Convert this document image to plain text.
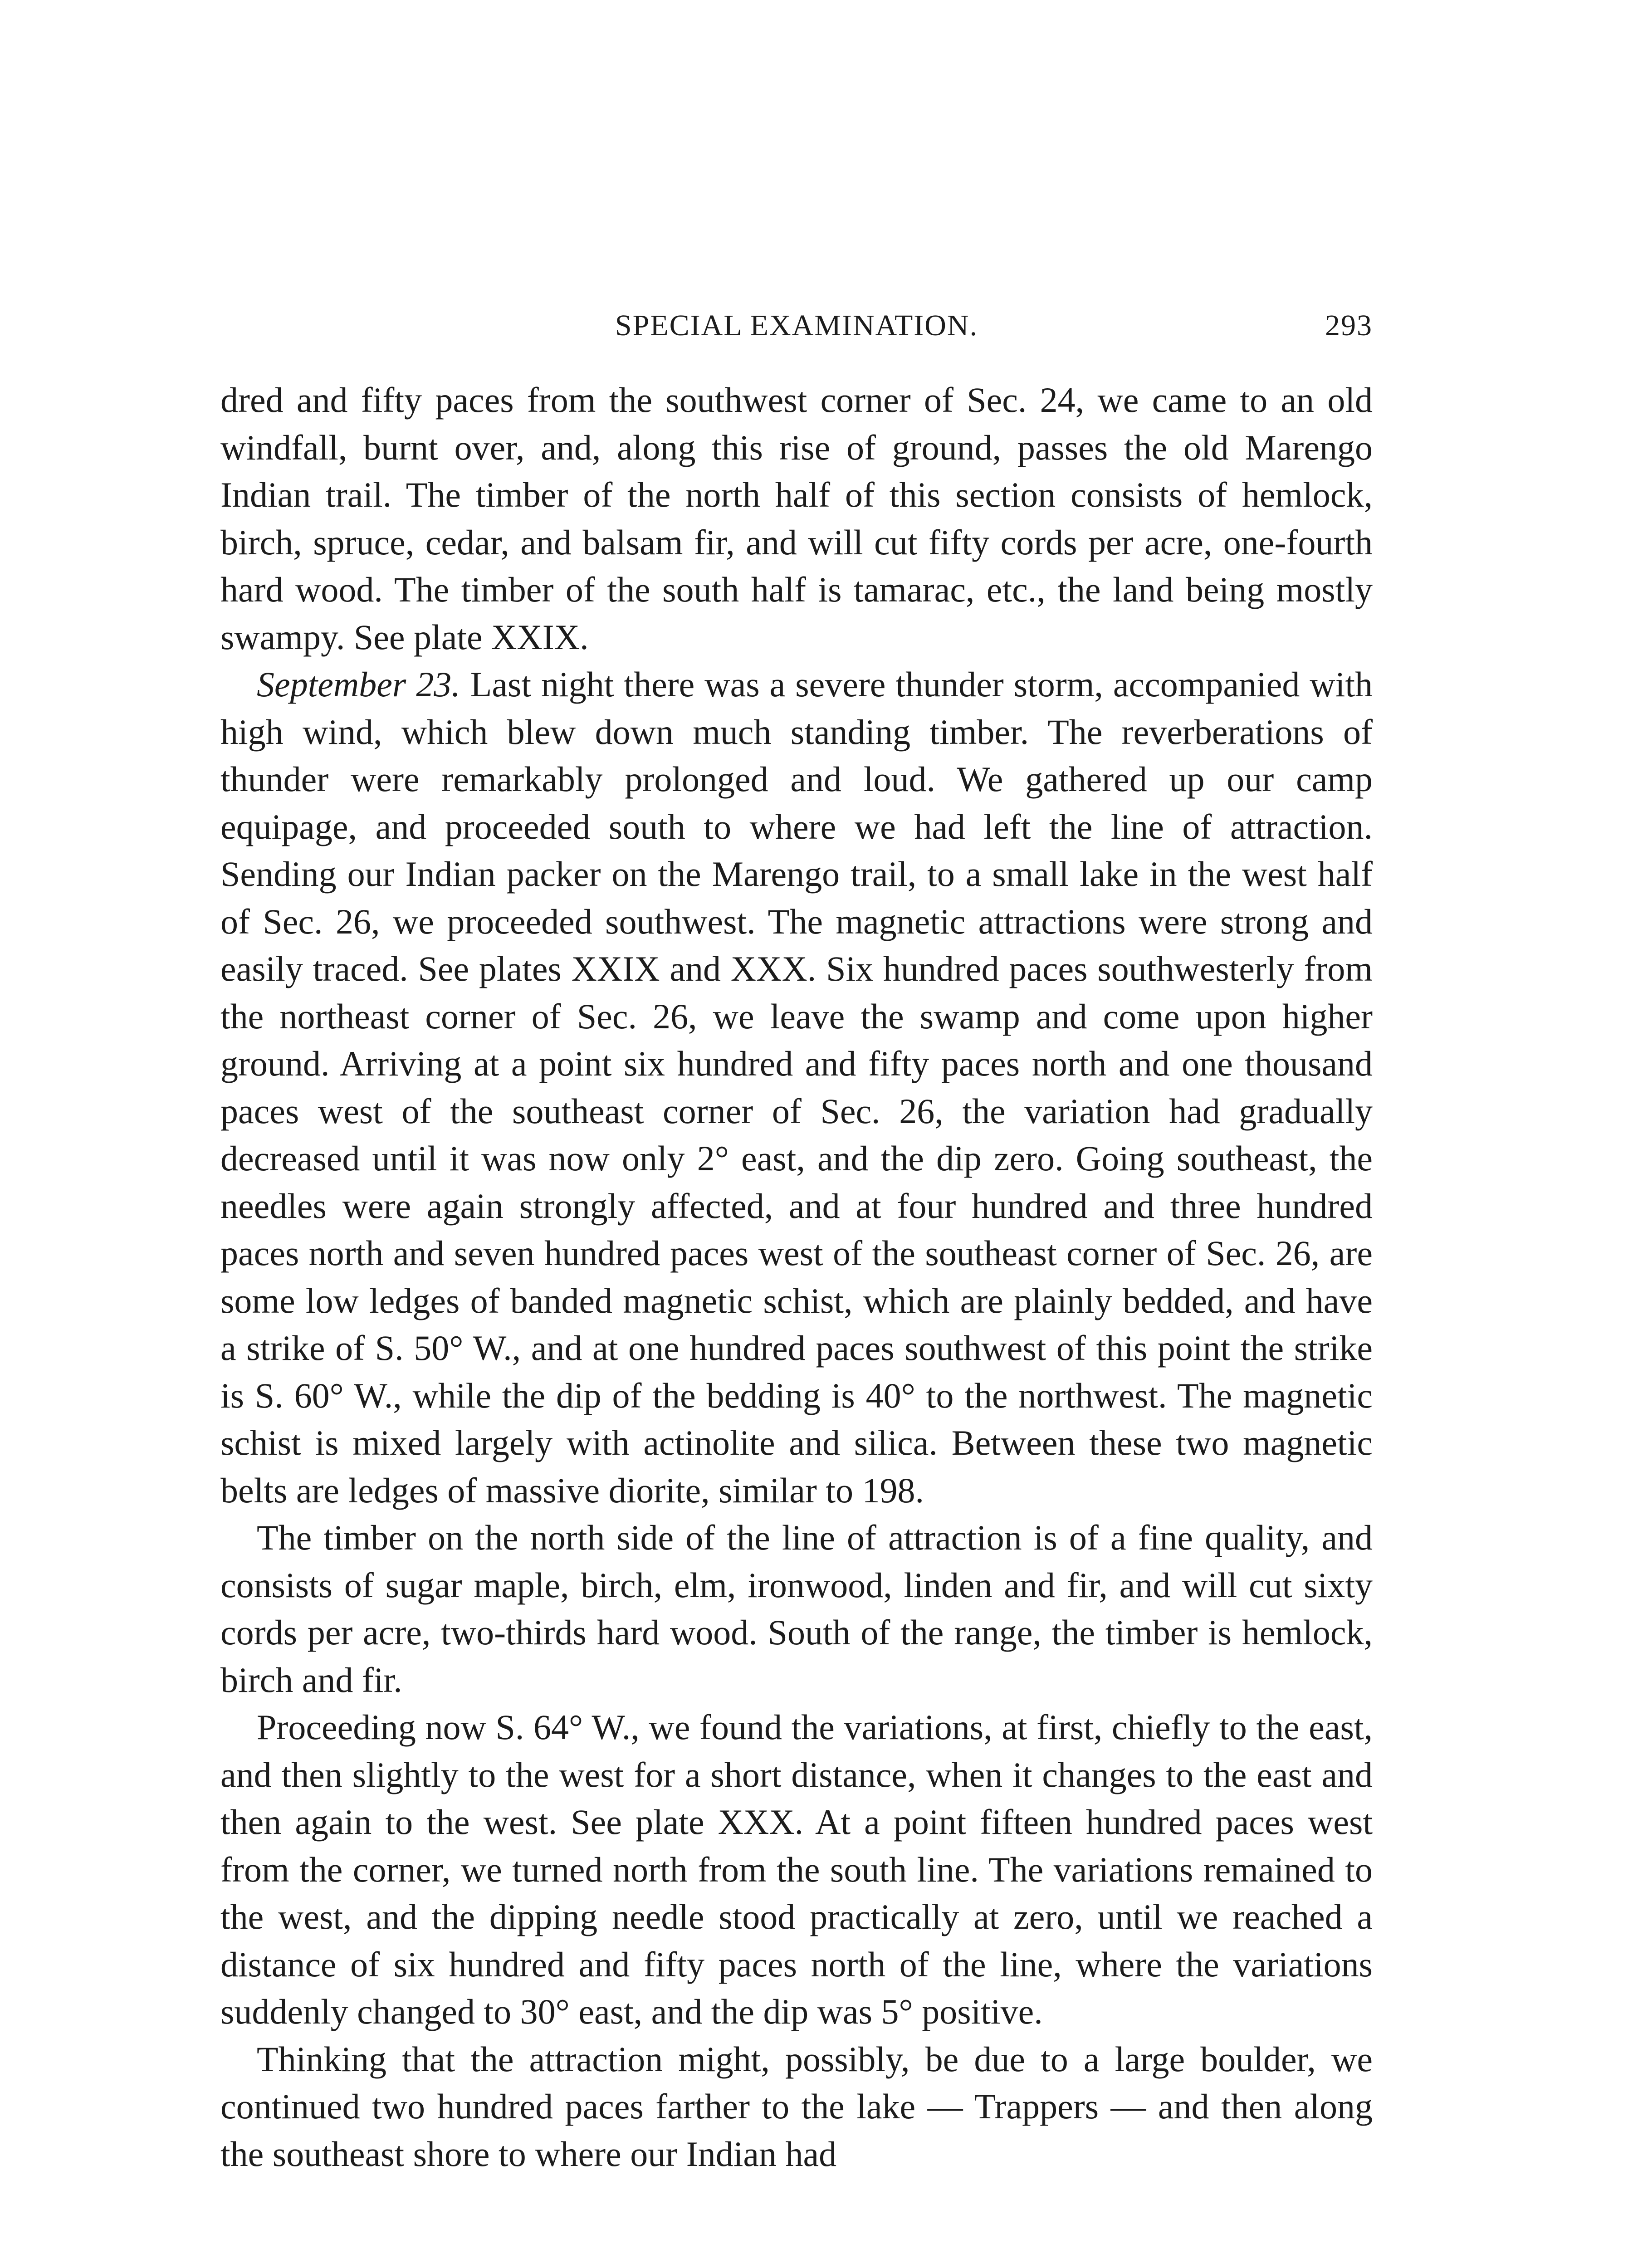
SPECIAL EXAMINATION.	293

dred and fifty paces from the southwest corner of Sec. 24, we came to an old windfall, burnt over, and, along this rise of ground, passes the old Marengo Indian trail. The timber of the north half of this section consists of hemlock, birch, spruce, cedar, and balsam fir, and will cut fifty cords per acre, one-fourth hard wood. The timber of the south half is tamarac, etc., the land being mostly swampy. See plate XXIX.

September 23. Last night there was a severe thunder storm, accompanied with high wind, which blew down much standing timber. The reverberations of thunder were remarkably prolonged and loud. We gathered up our camp equipage, and proceeded south to where we had left the line of attraction. Sending our Indian packer on the Marengo trail, to a small lake in the west half of Sec. 26, we proceeded southwest. The magnetic attractions were strong and easily traced. See plates XXIX and XXX. Six hundred paces southwesterly from the northeast corner of Sec. 26, we leave the swamp and come upon higher ground. Arriving at a point six hundred and fifty paces north and one thousand paces west of the southeast corner of Sec. 26, the variation had gradually decreased until it was now only 2° east, and the dip zero. Going southeast, the needles were again strongly affected, and at four hundred and three hundred paces north and seven hundred paces west of the southeast corner of Sec. 26, are some low ledges of banded magnetic schist, which are plainly bedded, and have a strike of S. 50° W., and at one hundred paces southwest of this point the strike is S. 60° W., while the dip of the bedding is 40° to the northwest. The magnetic schist is mixed largely with actinolite and silica. Between these two magnetic belts are ledges of massive diorite, similar to 198.

The timber on the north side of the line of attraction is of a fine quality, and consists of sugar maple, birch, elm, ironwood, linden and fir, and will cut sixty cords per acre, two-thirds hard wood. South of the range, the timber is hemlock, birch and fir.

Proceeding now S. 64° W., we found the variations, at first, chiefly to the east, and then slightly to the west for a short distance, when it changes to the east and then again to the west. See plate XXX. At a point fifteen hundred paces west from the corner, we turned north from the south line. The variations remained to the west, and the dipping needle stood practically at zero, until we reached a distance of six hundred and fifty paces north of the line, where the variations suddenly changed to 30° east, and the dip was 5° positive.

Thinking that the attraction might, possibly, be due to a large boulder, we continued two hundred paces farther to the lake — Trappers — and then along the southeast shore to where our Indian had
